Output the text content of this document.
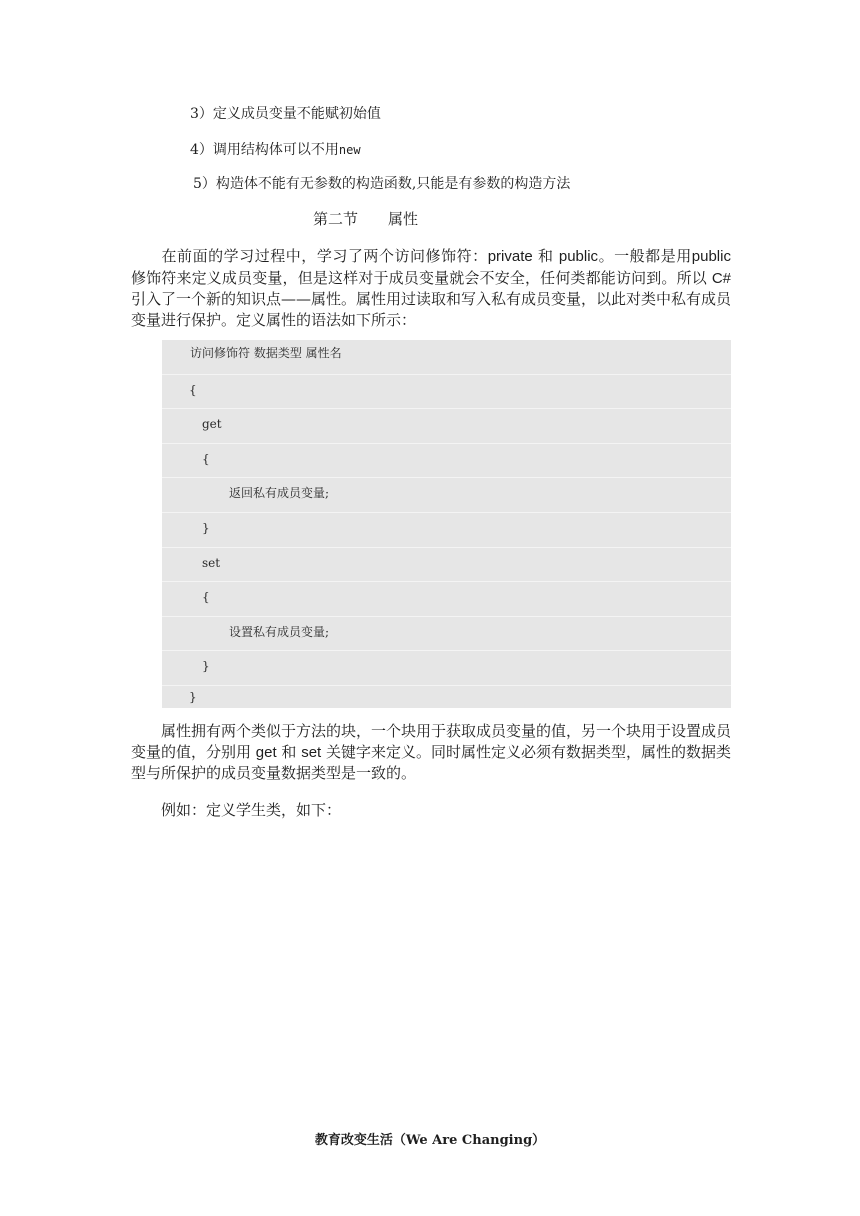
3）定义成员变量不能赋初始值
4）调用结构体可以不用new
5）构造体不能有无参数的构造函数,只能是有参数的构造方法
第二节 属性
在前面的学习过程中，学习了两个访问修饰符：private 和 public。一般都是用public 修饰符来定义成员变量，但是这样对于成员变量就会不安全，任何类都能访问到。所以 C#引入了一个新的知识点——属性。属性用过读取和写入私有成员变量，以此对类中私有成员变量进行保护。定义属性的语法如下所示：
访问修饰符 数据类型 属性名
{
get
{
返回私有成员变量;
}
set
{
设置私有成员变量;
}
}
属性拥有两个类似于方法的块，一个块用于获取成员变量的值，另一个块用于设置成员变量的值，分别用 get 和 set 关键字来定义。同时属性定义必须有数据类型，属性的数据类型与所保护的成员变量数据类型是一致的。
例如：定义学生类，如下：
教育改变生活（We Are Changing）
